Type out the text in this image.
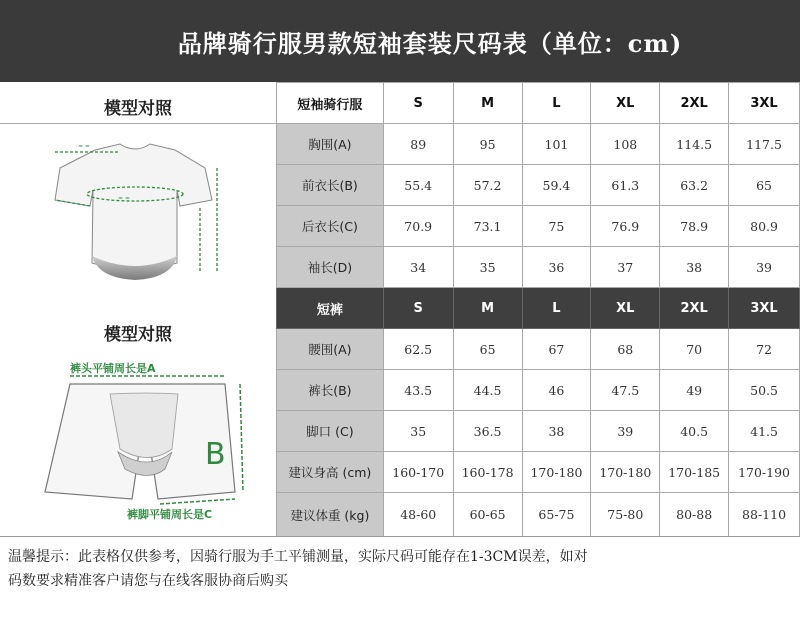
品牌骑行服男款短袖套装尺码表（单位：cm)
模型对照
≈ ≈
≈ ≈
模型对照
裤头平铺周长是A
B
裤脚平铺周长是C
短袖骑行服	S	M	L	XL	2XL	3XL
胸围(A)	89	95	101	108	114.5	117.5
前衣长(B)	55.4	57.2	59.4	61.3	63.2	65
后衣长(C)	70.9	73.1	75	76.9	78.9	80.9
袖长(D)	34	35	36	37	38	39
短裤	S	M	L	XL	2XL	3XL
腰围(A)	62.5	65	67	68	70	72
裤长(B)	43.5	44.5	46	47.5	49	50.5
脚口 (C)	35	36.5	38	39	40.5	41.5
建议身高 (cm)	160-170	160-178	170-180	170-180	170-185	170-190
建议体重 (kg)	48-60	60-65	65-75	75-80	80-88	88-110
温馨提示：此表格仅供参考，因骑行服为手工平铺测量，实际尺码可能存在1-3CM误差，如对
码数要求精准客户请您与在线客服协商后购买
